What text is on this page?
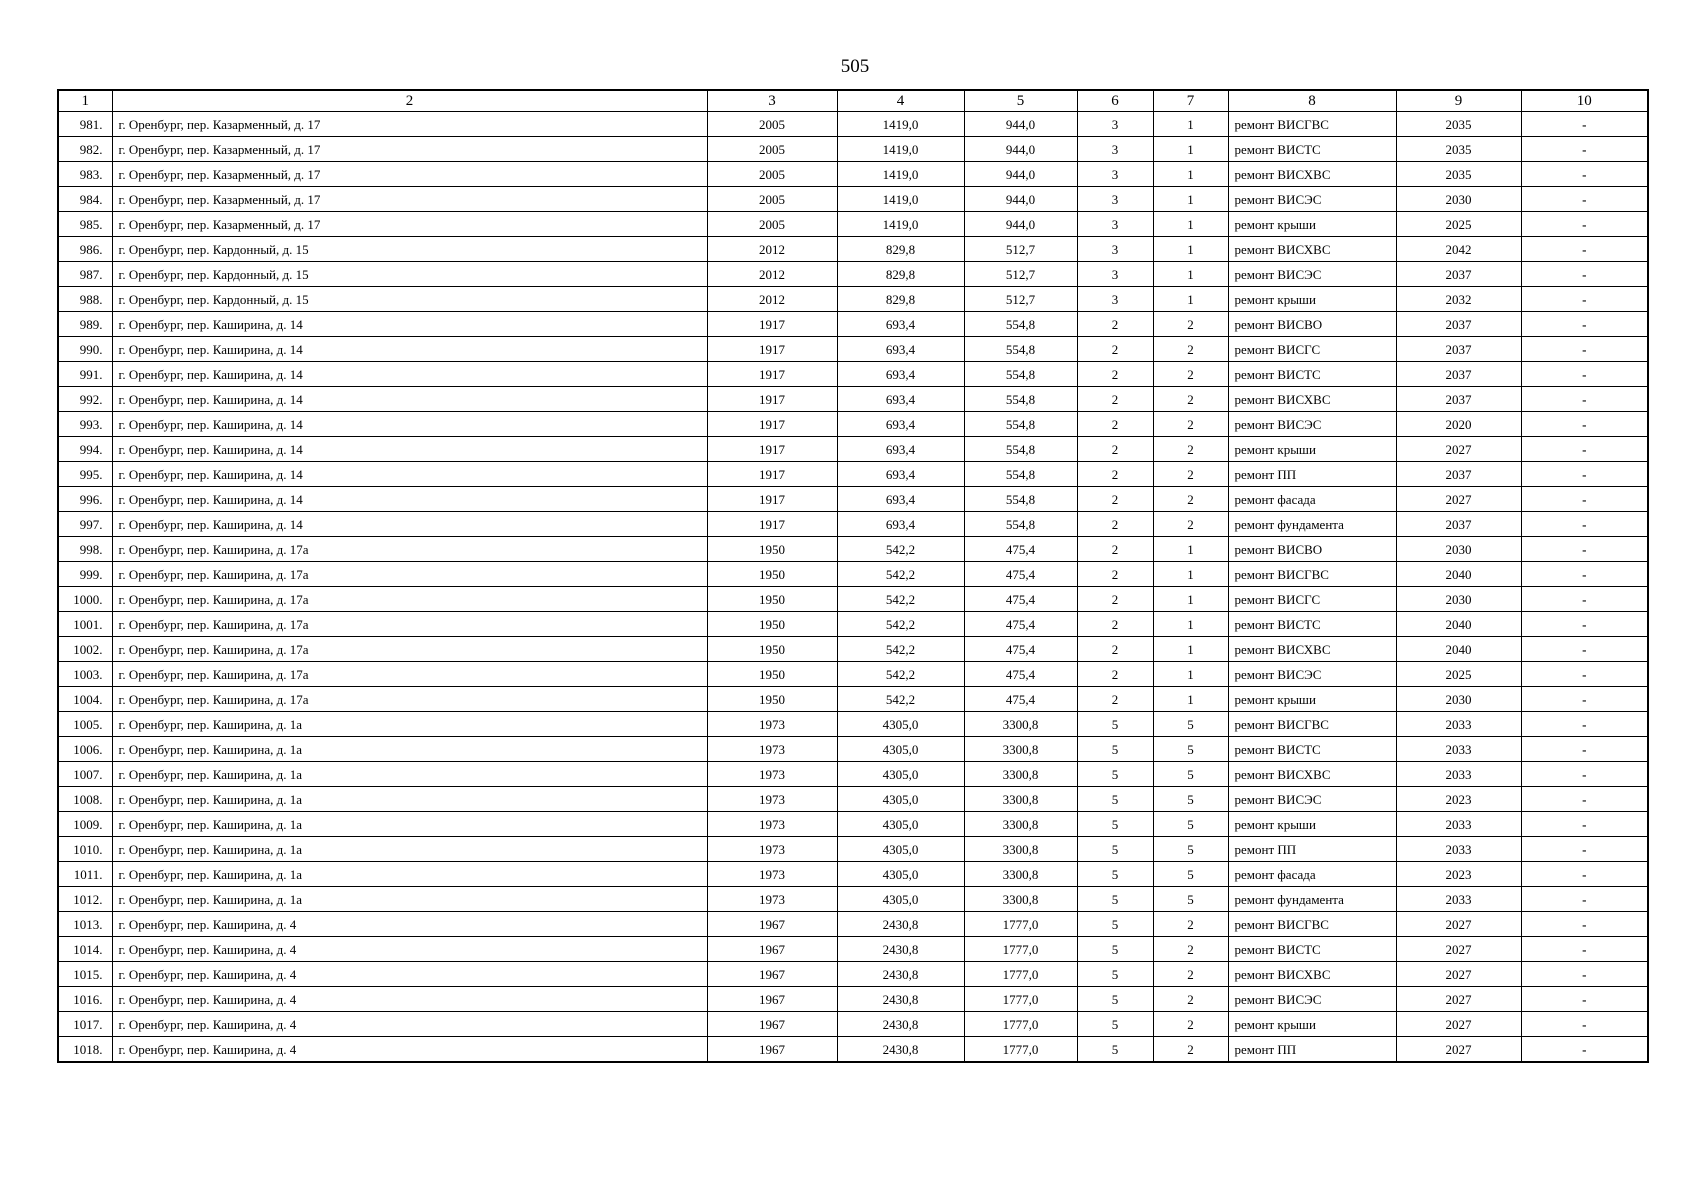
505
1	2	3	4	5	6	7	8	9	10
981.	г. Оренбург, пер. Казарменный, д. 17	2005	1419,0	944,0	3	1	ремонт ВИСГВС	2035	-
982.	г. Оренбург, пер. Казарменный, д. 17	2005	1419,0	944,0	3	1	ремонт ВИСТС	2035	-
983.	г. Оренбург, пер. Казарменный, д. 17	2005	1419,0	944,0	3	1	ремонт ВИСХВС	2035	-
984.	г. Оренбург, пер. Казарменный, д. 17	2005	1419,0	944,0	3	1	ремонт ВИСЭС	2030	-
985.	г. Оренбург, пер. Казарменный, д. 17	2005	1419,0	944,0	3	1	ремонт крыши	2025	-
986.	г. Оренбург, пер. Кардонный, д. 15	2012	829,8	512,7	3	1	ремонт ВИСХВС	2042	-
987.	г. Оренбург, пер. Кардонный, д. 15	2012	829,8	512,7	3	1	ремонт ВИСЭС	2037	-
988.	г. Оренбург, пер. Кардонный, д. 15	2012	829,8	512,7	3	1	ремонт крыши	2032	-
989.	г. Оренбург, пер. Каширина, д. 14	1917	693,4	554,8	2	2	ремонт ВИСВО	2037	-
990.	г. Оренбург, пер. Каширина, д. 14	1917	693,4	554,8	2	2	ремонт ВИСГС	2037	-
991.	г. Оренбург, пер. Каширина, д. 14	1917	693,4	554,8	2	2	ремонт ВИСТС	2037	-
992.	г. Оренбург, пер. Каширина, д. 14	1917	693,4	554,8	2	2	ремонт ВИСХВС	2037	-
993.	г. Оренбург, пер. Каширина, д. 14	1917	693,4	554,8	2	2	ремонт ВИСЭС	2020	-
994.	г. Оренбург, пер. Каширина, д. 14	1917	693,4	554,8	2	2	ремонт крыши	2027	-
995.	г. Оренбург, пер. Каширина, д. 14	1917	693,4	554,8	2	2	ремонт ПП	2037	-
996.	г. Оренбург, пер. Каширина, д. 14	1917	693,4	554,8	2	2	ремонт фасада	2027	-
997.	г. Оренбург, пер. Каширина, д. 14	1917	693,4	554,8	2	2	ремонт фундамента	2037	-
998.	г. Оренбург, пер. Каширина, д. 17а	1950	542,2	475,4	2	1	ремонт ВИСВО	2030	-
999.	г. Оренбург, пер. Каширина, д. 17а	1950	542,2	475,4	2	1	ремонт ВИСГВС	2040	-
1000.	г. Оренбург, пер. Каширина, д. 17а	1950	542,2	475,4	2	1	ремонт ВИСГС	2030	-
1001.	г. Оренбург, пер. Каширина, д. 17а	1950	542,2	475,4	2	1	ремонт ВИСТС	2040	-
1002.	г. Оренбург, пер. Каширина, д. 17а	1950	542,2	475,4	2	1	ремонт ВИСХВС	2040	-
1003.	г. Оренбург, пер. Каширина, д. 17а	1950	542,2	475,4	2	1	ремонт ВИСЭС	2025	-
1004.	г. Оренбург, пер. Каширина, д. 17а	1950	542,2	475,4	2	1	ремонт крыши	2030	-
1005.	г. Оренбург, пер. Каширина, д. 1а	1973	4305,0	3300,8	5	5	ремонт ВИСГВС	2033	-
1006.	г. Оренбург, пер. Каширина, д. 1а	1973	4305,0	3300,8	5	5	ремонт ВИСТС	2033	-
1007.	г. Оренбург, пер. Каширина, д. 1а	1973	4305,0	3300,8	5	5	ремонт ВИСХВС	2033	-
1008.	г. Оренбург, пер. Каширина, д. 1а	1973	4305,0	3300,8	5	5	ремонт ВИСЭС	2023	-
1009.	г. Оренбург, пер. Каширина, д. 1а	1973	4305,0	3300,8	5	5	ремонт крыши	2033	-
1010.	г. Оренбург, пер. Каширина, д. 1а	1973	4305,0	3300,8	5	5	ремонт ПП	2033	-
1011.	г. Оренбург, пер. Каширина, д. 1а	1973	4305,0	3300,8	5	5	ремонт фасада	2023	-
1012.	г. Оренбург, пер. Каширина, д. 1а	1973	4305,0	3300,8	5	5	ремонт фундамента	2033	-
1013.	г. Оренбург, пер. Каширина, д. 4	1967	2430,8	1777,0	5	2	ремонт ВИСГВС	2027	-
1014.	г. Оренбург, пер. Каширина, д. 4	1967	2430,8	1777,0	5	2	ремонт ВИСТС	2027	-
1015.	г. Оренбург, пер. Каширина, д. 4	1967	2430,8	1777,0	5	2	ремонт ВИСХВС	2027	-
1016.	г. Оренбург, пер. Каширина, д. 4	1967	2430,8	1777,0	5	2	ремонт ВИСЭС	2027	-
1017.	г. Оренбург, пер. Каширина, д. 4	1967	2430,8	1777,0	5	2	ремонт крыши	2027	-
1018.	г. Оренбург, пер. Каширина, д. 4	1967	2430,8	1777,0	5	2	ремонт ПП	2027	-
